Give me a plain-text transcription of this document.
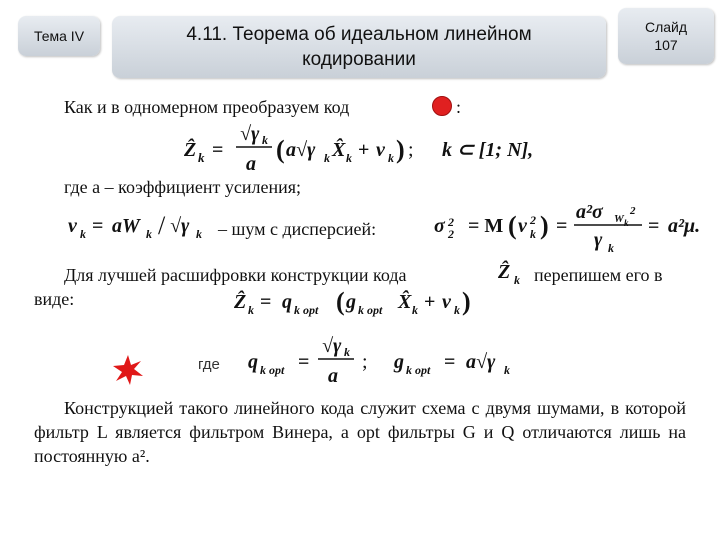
Тема IV	4.11. Теорема об идеальном линейном
кодировании
Слайд
107
Как и в одномерном преобразуем код	:
Ẑ k =
√γ k
a ( a√γ k X̂ k + ν k ) ; k ⊂ [1; N],
где a – коэффициент усиления;
ν k = aW k / √γ k	σ 2
2 = M ( ν k
2 ) =
a²σ W k
2
γ k
= a²μ.
– шум с дисперсией:
Для лучшей расшифровки конструкции кода	Ẑ k перепишем его в
виде:	Ẑ k = q k opt ( g k opt X̂ k + ν k )
где q k opt =
√γ k
a
; g k opt = a√γ k
Конструкцией такого линейного кода служит схема с двумя шумами, в которой фильтр L является фильтром Винера, а opt фильтры G и Q отличаются лишь на постоянную a².
